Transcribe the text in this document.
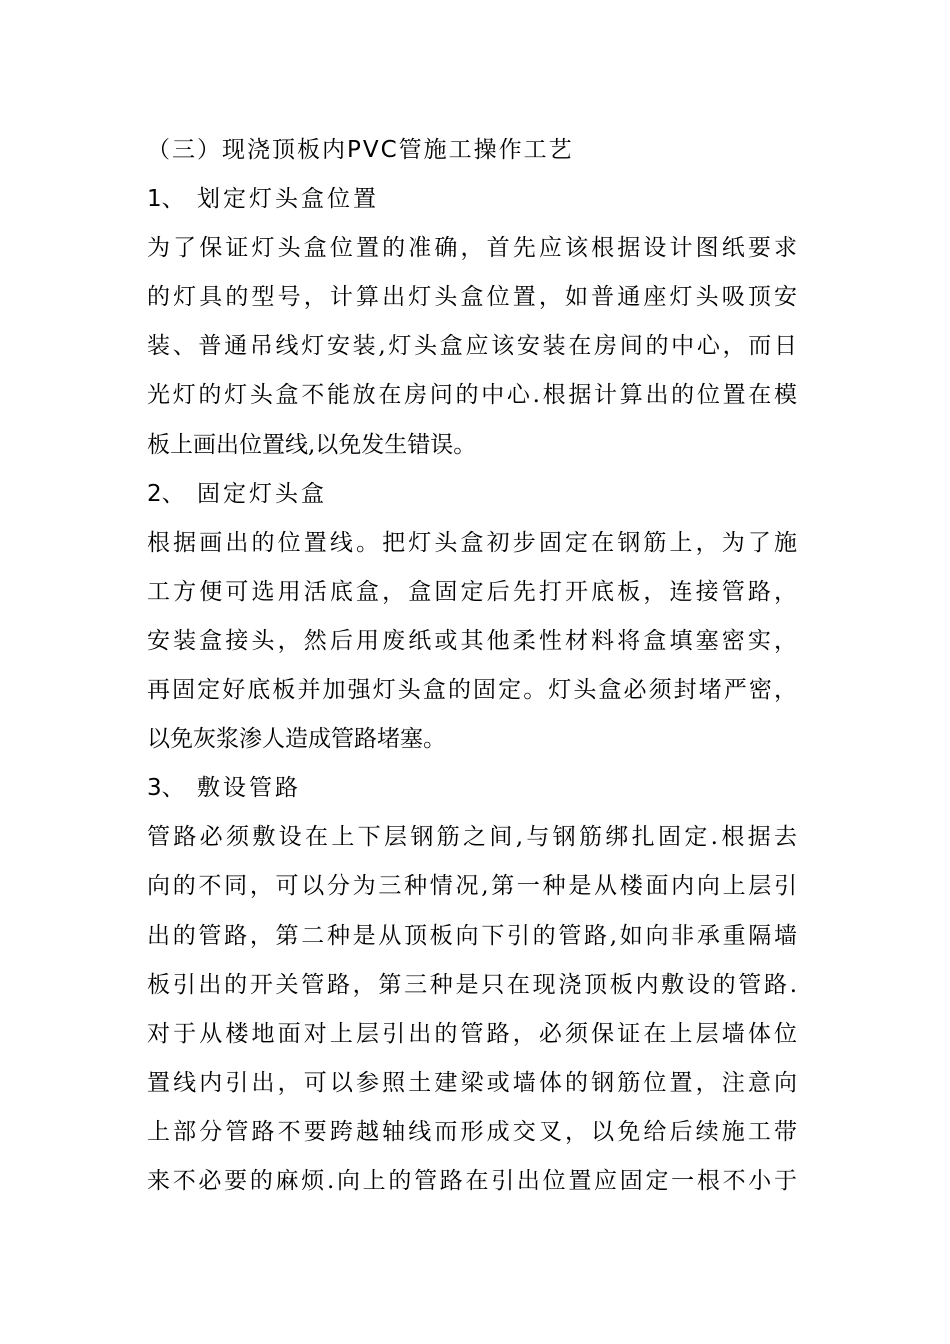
（三）现浇顶板内PVC管施工操作工艺
1、 划定灯头盒位置
为了保证灯头盒位置的准确，首先应该根据设计图纸要求
的灯具的型号，计算出灯头盒位置，如普通座灯头吸顶安
装、普通吊线灯安装,灯头盒应该安装在房间的中心，而日
光灯的灯头盒不能放在房问的中心.根据计算出的位置在模
板上画出位置线,以免发生错误。
2、 固定灯头盒
根据画出的位置线。把灯头盒初步固定在钢筋上，为了施
工方便可选用活底盒，盒固定后先打开底板，连接管路，
安装盒接头，然后用废纸或其他柔性材料将盒填塞密实，
再固定好底板并加强灯头盒的固定。灯头盒必须封堵严密，
以免灰浆渗人造成管路堵塞。
3、 敷设管路
管路必须敷设在上下层钢筋之间,与钢筋绑扎固定.根据去
向的不同，可以分为三种情况,第一种是从楼面内向上层引
出的管路，第二种是从顶板向下引的管路,如向非承重隔墙
板引出的开关管路，第三种是只在现浇顶板内敷设的管路.
对于从楼地面对上层引出的管路，必须保证在上层墙体位
置线内引出，可以参照土建梁或墙体的钢筋位置，注意向
上部分管路不要跨越轴线而形成交叉，以免给后续施工带
来不必要的麻烦.向上的管路在引出位置应固定一根不小于
